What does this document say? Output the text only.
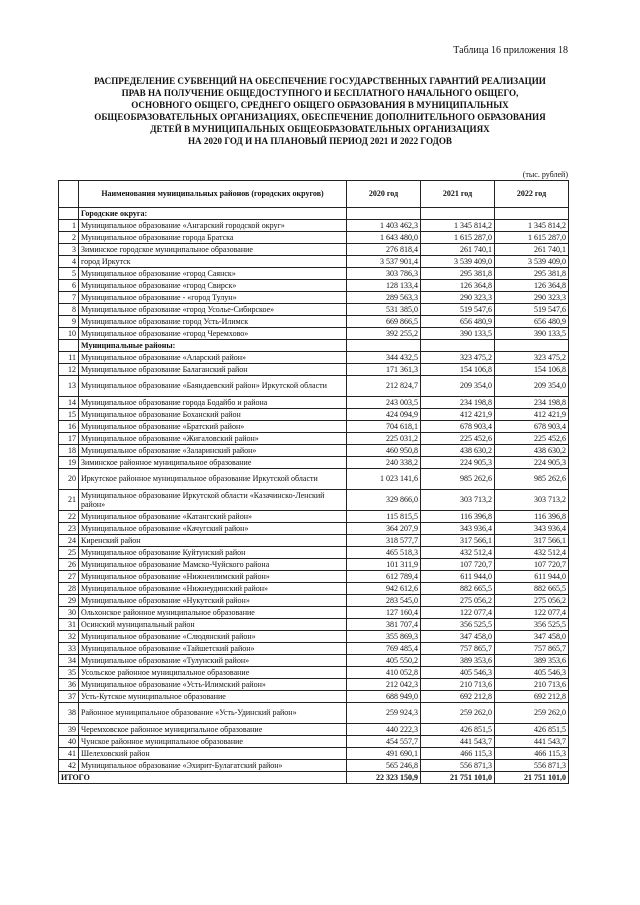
Таблица 16 приложения 18
РАСПРЕДЕЛЕНИЕ СУБВЕНЦИЙ НА ОБЕСПЕЧЕНИЕ ГОСУДАРСТВЕННЫХ ГАРАНТИЙ РЕАЛИЗАЦИИ
ПРАВ НА ПОЛУЧЕНИЕ ОБЩЕДОСТУПНОГО И БЕСПЛАТНОГО НАЧАЛЬНОГО ОБЩЕГО,
ОСНОВНОГО ОБЩЕГО, СРЕДНЕГО ОБЩЕГО ОБРАЗОВАНИЯ В МУНИЦИПАЛЬНЫХ
ОБЩЕОБРАЗОВАТЕЛЬНЫХ ОРГАНИЗАЦИЯХ, ОБЕСПЕЧЕНИЕ ДОПОЛНИТЕЛЬНОГО ОБРАЗОВАНИЯ
ДЕТЕЙ В МУНИЦИПАЛЬНЫХ ОБЩЕОБРАЗОВАТЕЛЬНЫХ ОРГАНИЗАЦИЯХ
НА 2020 ГОД И НА ПЛАНОВЫЙ ПЕРИОД 2021 И 2022 ГОДОВ
(тыс. рублей)
	Наименования муниципальных районов (городских округов)	2020 год	2021 год	2022 год
	Городские округа:			
1	Муниципальное образование «Ангарский городской округ»	1 403 462,3	1 345 814,2	1 345 814,2
2	Муниципальное образование города Братска	1 643 480,0	1 615 287,0	1 615 287,0
3	Зиминское городское муниципальное образование	276 818,4	261 740,1	261 740,1
4	город Иркутск	3 537 901,4	3 539 409,0	3 539 409,0
5	Муниципальное образование «город Саянск»	303 786,3	295 381,8	295 381,8
6	Муниципальное образование «город Свирск»	128 133,4	126 364,8	126 364,8
7	Муниципальное образование - «город Тулун»	289 563,3	290 323,3	290 323,3
8	Муниципальное образование «город Усолье-Сибирское»	531 385,0	519 547,6	519 547,6
9	Муниципальное образование город Усть-Илимск	669 866,5	656 480,9	656 480,9
10	Муниципальное образование «город Черемхово»	392 255,2	390 133,5	390 133,5
	Муниципальные районы:			
11	Муниципальное образование «Аларский район»	344 432,5	323 475,2	323 475,2
12	Муниципальное образование Балаганский район	171 361,3	154 106,8	154 106,8
13	Муниципальное образование «Баяндаевский район» Иркутской области	212 824,7	209 354,0	209 354,0
14	Муниципальное образование города Бодайбо и района	243 003,5	234 198,8	234 198,8
15	Муниципальное образование Боханский район	424 094,9	412 421,9	412 421,9
16	Муниципальное образование «Братский район»	704 618,1	678 903,4	678 903,4
17	Муниципальное образование «Жигаловский район»	225 031,2	225 452,6	225 452,6
18	Муниципальное образование «Заларинский район»	460 950,8	438 630,2	438 630,2
19	Зиминское районное муниципальное образование	240 338,2	224 905,3	224 905,3
20	Иркутское районное муниципальное образование Иркутской области	1 023 141,6	985 262,6	985 262,6
21	Муниципальное образование Иркутской области «Казачинско-Ленский район»	329 866,0	303 713,2	303 713,2
22	Муниципальное образование «Катангский район»	115 815,5	116 396,8	116 396,8
23	Муниципальное образование «Качугский район»	364 207,9	343 936,4	343 936,4
24	Киренский район	318 577,7	317 566,1	317 566,1
25	Муниципальное образование Куйтунский район	465 518,3	432 512,4	432 512,4
26	Муниципальное образование Мамско-Чуйского района	101 311,9	107 720,7	107 720,7
27	Муниципальное образование «Нижнеилимский район»	612 789,4	611 944,0	611 944,0
28	Муниципальное образование «Нижнеудинский район»	942 612,6	882 665,5	882 665,5
29	Муниципальное образование «Нукутский район»	283 545,0	275 056,2	275 056,2
30	Ольхонское районное муниципальное образование	127 160,4	122 077,4	122 077,4
31	Осинский муниципальный район	381 707,4	356 525,5	356 525,5
32	Муниципальное образование «Слюдянский район»	355 869,3	347 458,0	347 458,0
33	Муниципальное образование «Тайшетский район»	769 485,4	757 865,7	757 865,7
34	Муниципальное образование «Тулунский район»	405 550,2	389 353,6	389 353,6
35	Усольское районное муниципальное образование	410 052,8	405 546,3	405 546,3
36	Муниципальное образование «Усть-Илимский район»	212 042,3	210 713,6	210 713,6
37	Усть-Кутское муниципальное образование	688 949,0	692 212,8	692 212,8
38	Районное муниципальное образование «Усть-Удинский район»	259 924,3	259 262,0	259 262,0
39	Черемховское районное муниципальное образование	440 222,3	426 851,5	426 851,5
40	Чунское районное муниципальное образование	454 557,7	441 543,7	441 543,7
41	Шелеховский район	491 690,1	466 115,3	466 115,3
42	Муниципальное образование «Эхирит-Булагатский район»	565 246,8	556 871,3	556 871,3
ИТОГО		22 323 150,9	21 751 101,0	21 751 101,0
